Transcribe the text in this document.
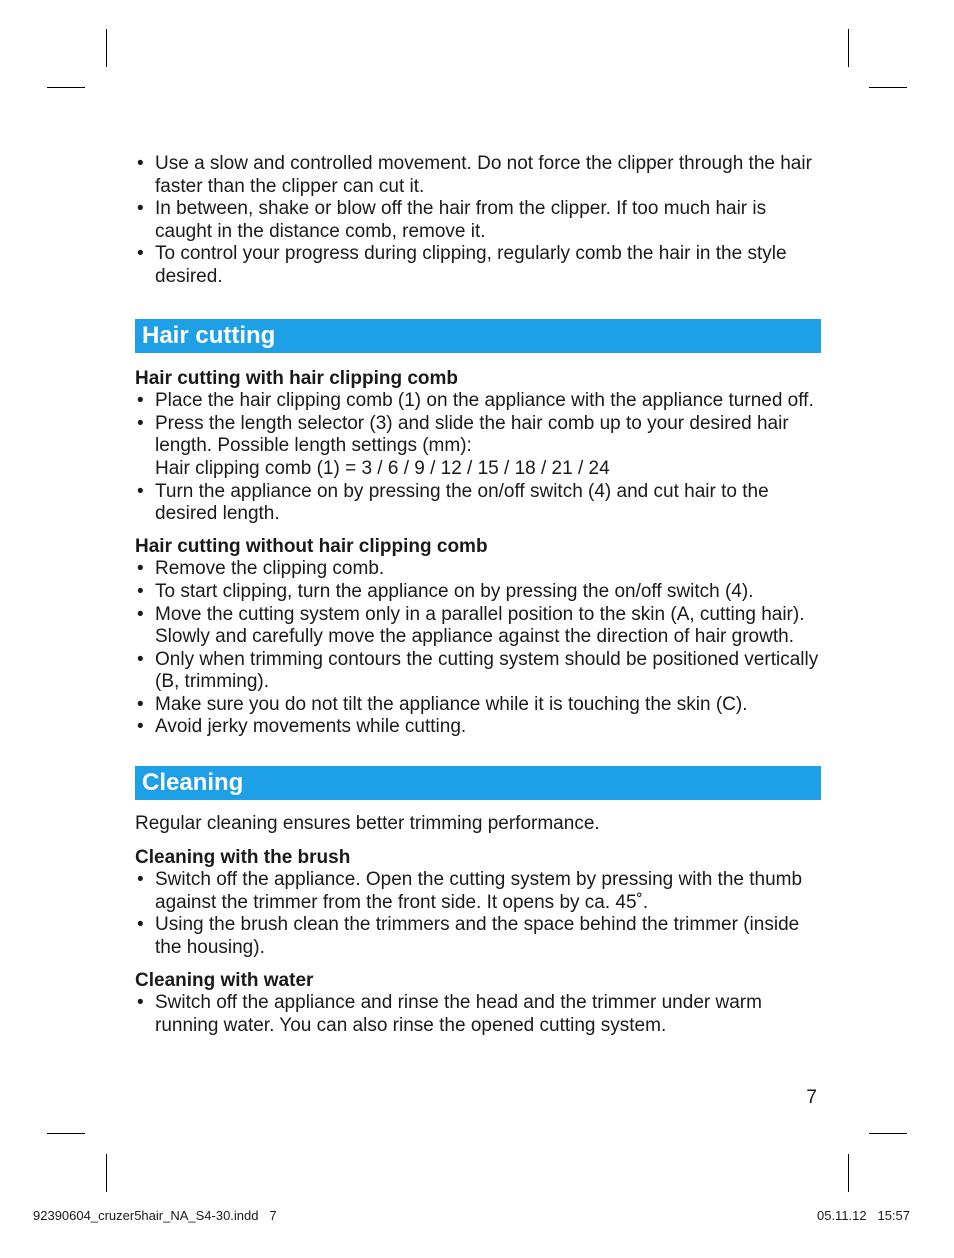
• Use a slow and controlled movement. Do not force the clipper through the hair faster than the clipper can cut it.
• In between, shake or blow off the hair from the clipper. If too much hair is caught in the distance comb, remove it.
• To control your progress during clipping, regularly comb the hair in the style desired.
Hair cutting

Hair cutting with hair clipping comb

• Place the hair clipping comb (1) on the appliance with the appliance turned off.
• Press the length selector (3) and slide the hair comb up to your desired hair length. Possible length settings (mm):
Hair clipping comb (1) = 3 / 6 / 9 / 12 / 15 / 18 / 21 / 24
• Turn the appliance on by pressing the on/off switch (4) and cut hair to the desired length.

Hair cutting without hair clipping comb

• Remove the clipping comb.
• To start clipping, turn the appliance on by pressing the on/off switch (4).
• Move the cutting system only in a parallel position to the skin (A, cutting hair). Slowly and carefully move the appliance against the direction of hair growth.
• Only when trimming contours the cutting system should be positioned vertically (B, trimming).
• Make sure you do not tilt the appliance while it is touching the skin (C).
• Avoid jerky movements while cutting.
Cleaning

Regular cleaning ensures better trimming performance.

Cleaning with the brush

• Switch off the appliance. Open the cutting system by pressing with the thumb against the trimmer from the front side. It opens by ca. 45˚.
• Using the brush clean the trimmers and the space behind the trimmer (inside the housing).

Cleaning with water

• Switch off the appliance and rinse the head and the trimmer under warm running water. You can also rinse the opened cutting system.
7
92390604_cruzer5hair_NA_S4-30.indd   7	05.11.12   15:57
